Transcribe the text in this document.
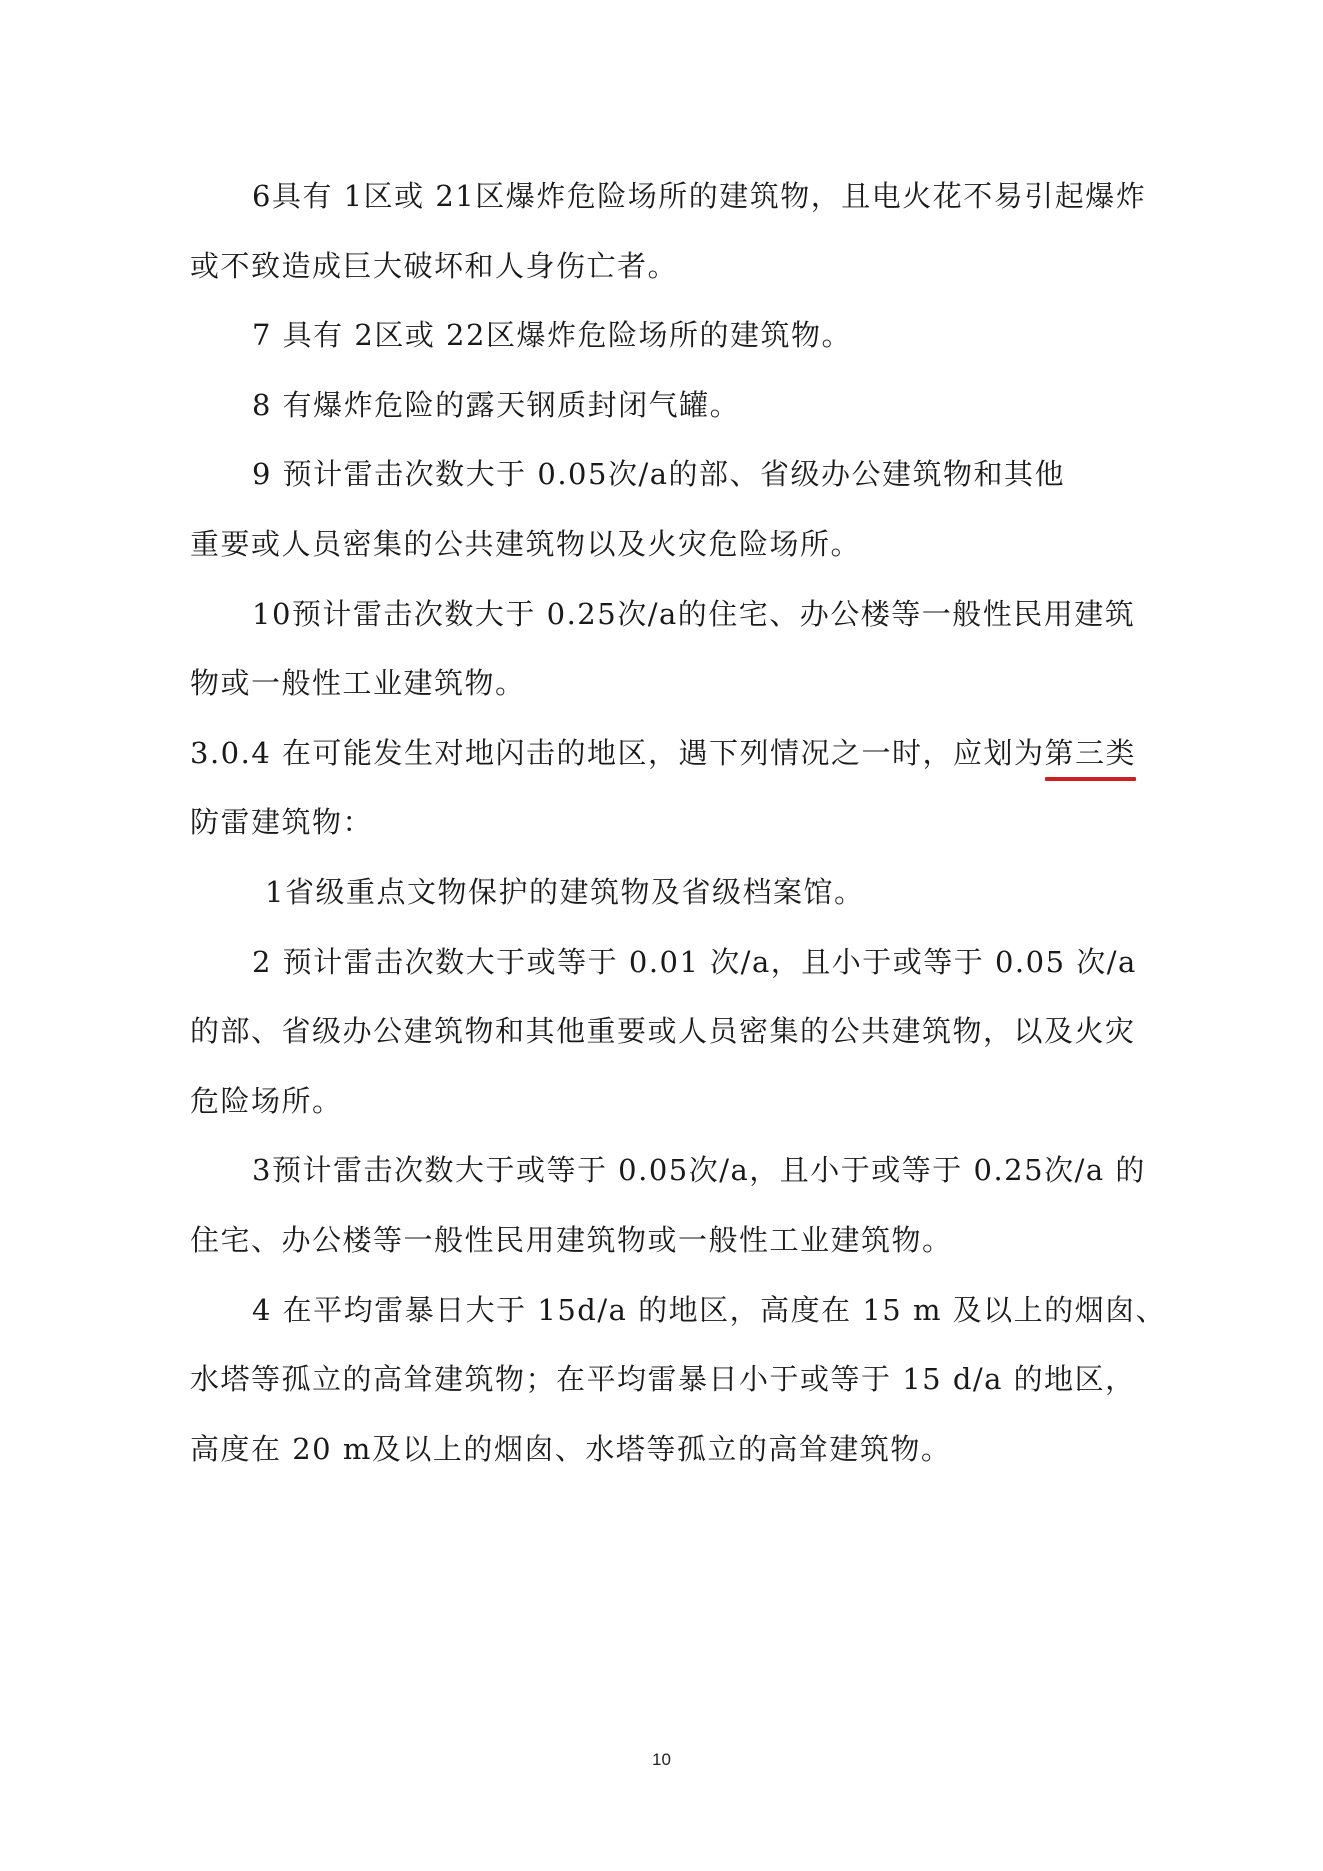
6具有 1区或 21区爆炸危险场所的建筑物，且电火花不易引起爆炸
或不致造成巨大破坏和人身伤亡者。
7 具有 2区或 22区爆炸危险场所的建筑物。
8 有爆炸危险的露天钢质封闭气罐。
9 预计雷击次数大于 0.05次/a的部、省级办公建筑物和其他
重要或人员密集的公共建筑物以及火灾危险场所。
10预计雷击次数大于 0.25次/a的住宅、办公楼等一般性民用建筑
物或一般性工业建筑物。
3.0.4 在可能发生对地闪击的地区，遇下列情况之一时，应划为第三类
防雷建筑物：
1省级重点文物保护的建筑物及省级档案馆。
2 预计雷击次数大于或等于 0.01 次/a，且小于或等于 0.05 次/a
的部、省级办公建筑物和其他重要或人员密集的公共建筑物，以及火灾
危险场所。
3预计雷击次数大于或等于 0.05次/a，且小于或等于 0.25次/a 的
住宅、办公楼等一般性民用建筑物或一般性工业建筑物。
4 在平均雷暴日大于 15d/a 的地区，高度在 15 m 及以上的烟囱、
水塔等孤立的高耸建筑物；在平均雷暴日小于或等于 15 d/a 的地区，
高度在 20 m及以上的烟囱、水塔等孤立的高耸建筑物。
10
